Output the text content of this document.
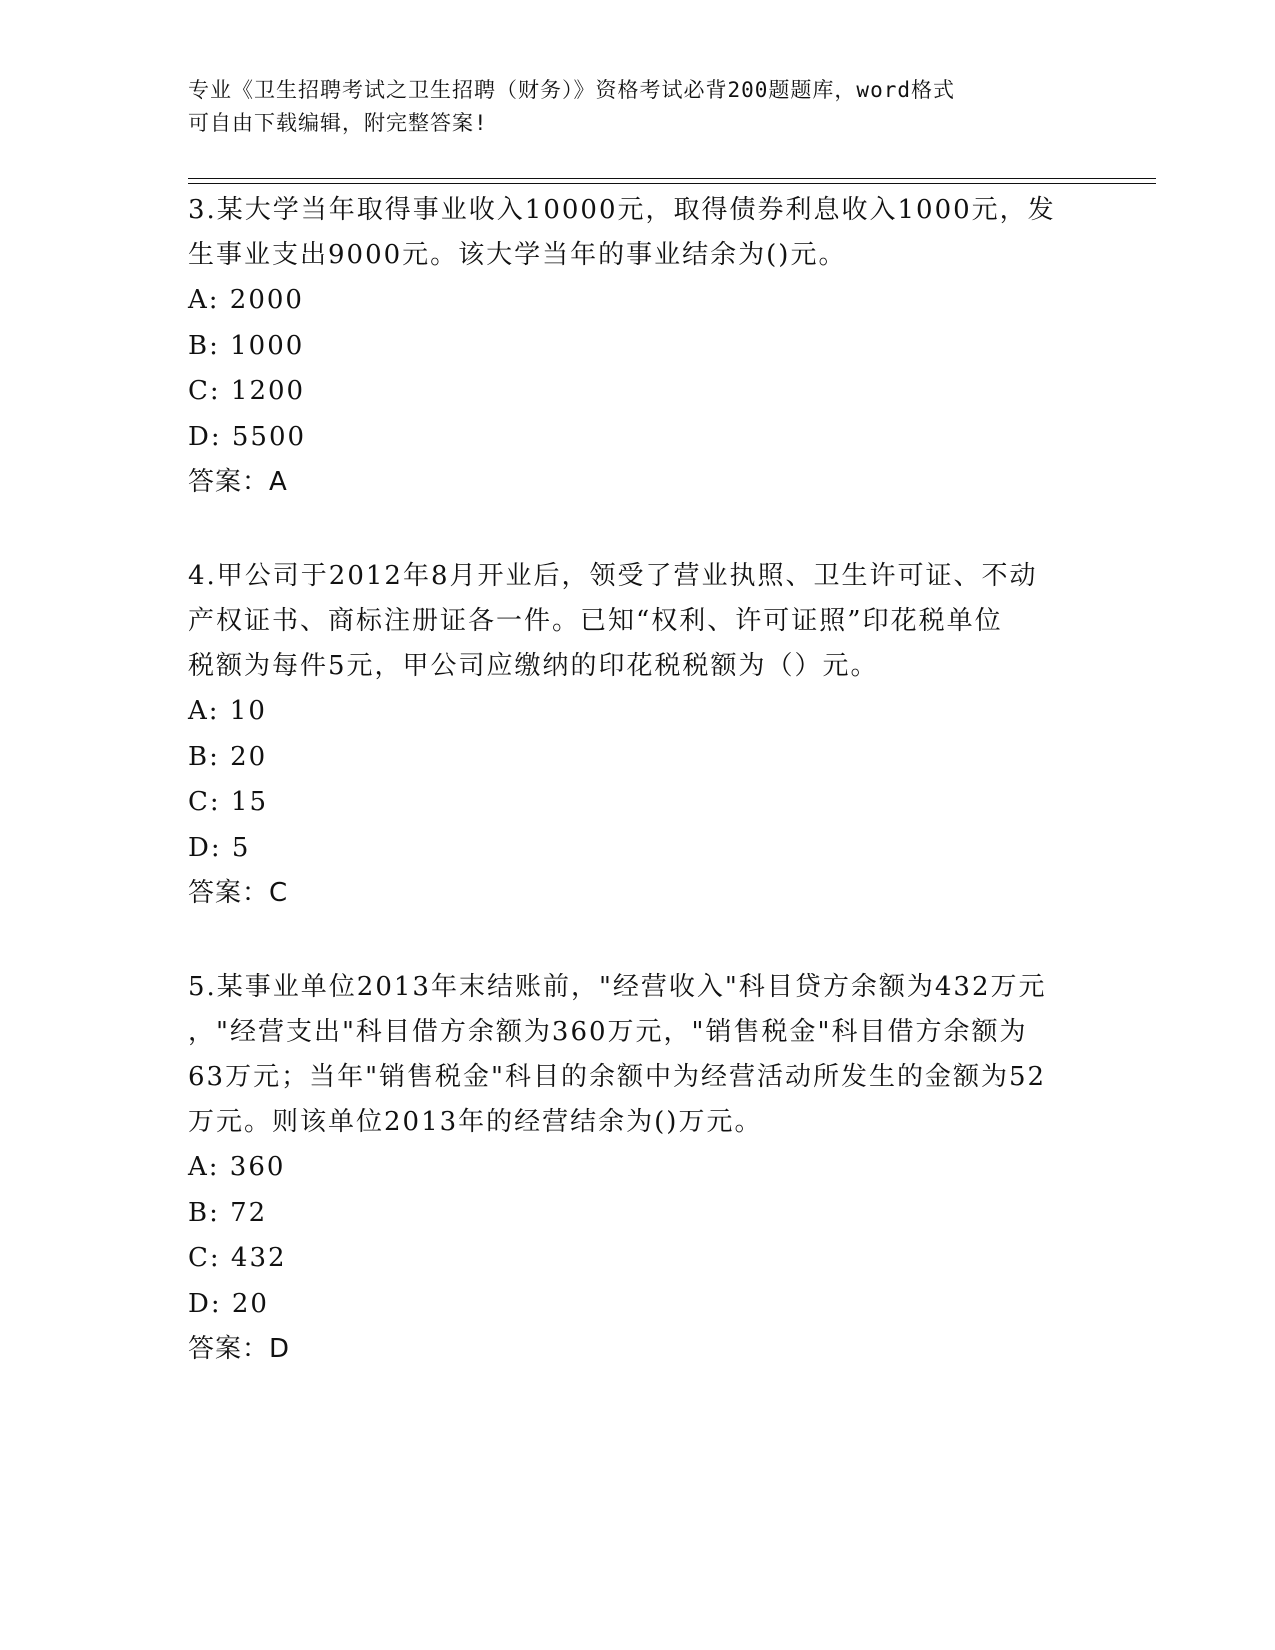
专业《卫生招聘考试之卫生招聘（财务）》资格考试必背200题题库，word格式
可自由下载编辑，附完整答案!
3.某大学当年取得事业收入10000元，取得债券利息收入1000元，发
生事业支出9000元。该大学当年的事业结余为()元。
A: 2000
B: 1000
C: 1200
D: 5500
答案：A
4.甲公司于2012年8月开业后，领受了营业执照、卫生许可证、不动
产权证书、商标注册证各一件。已知“权利、许可证照”印花税单位
税额为每件5元，甲公司应缴纳的印花税税额为（）元。
A: 10
B: 20
C: 15
D: 5
答案：C
5.某事业单位2013年末结账前，"经营收入"科目贷方余额为432万元
，"经营支出"科目借方余额为360万元，"销售税金"科目借方余额为
63万元；当年"销售税金"科目的余额中为经营活动所发生的金额为52
万元。则该单位2013年的经营结余为()万元。
A: 360
B: 72
C: 432
D: 20
答案：D
